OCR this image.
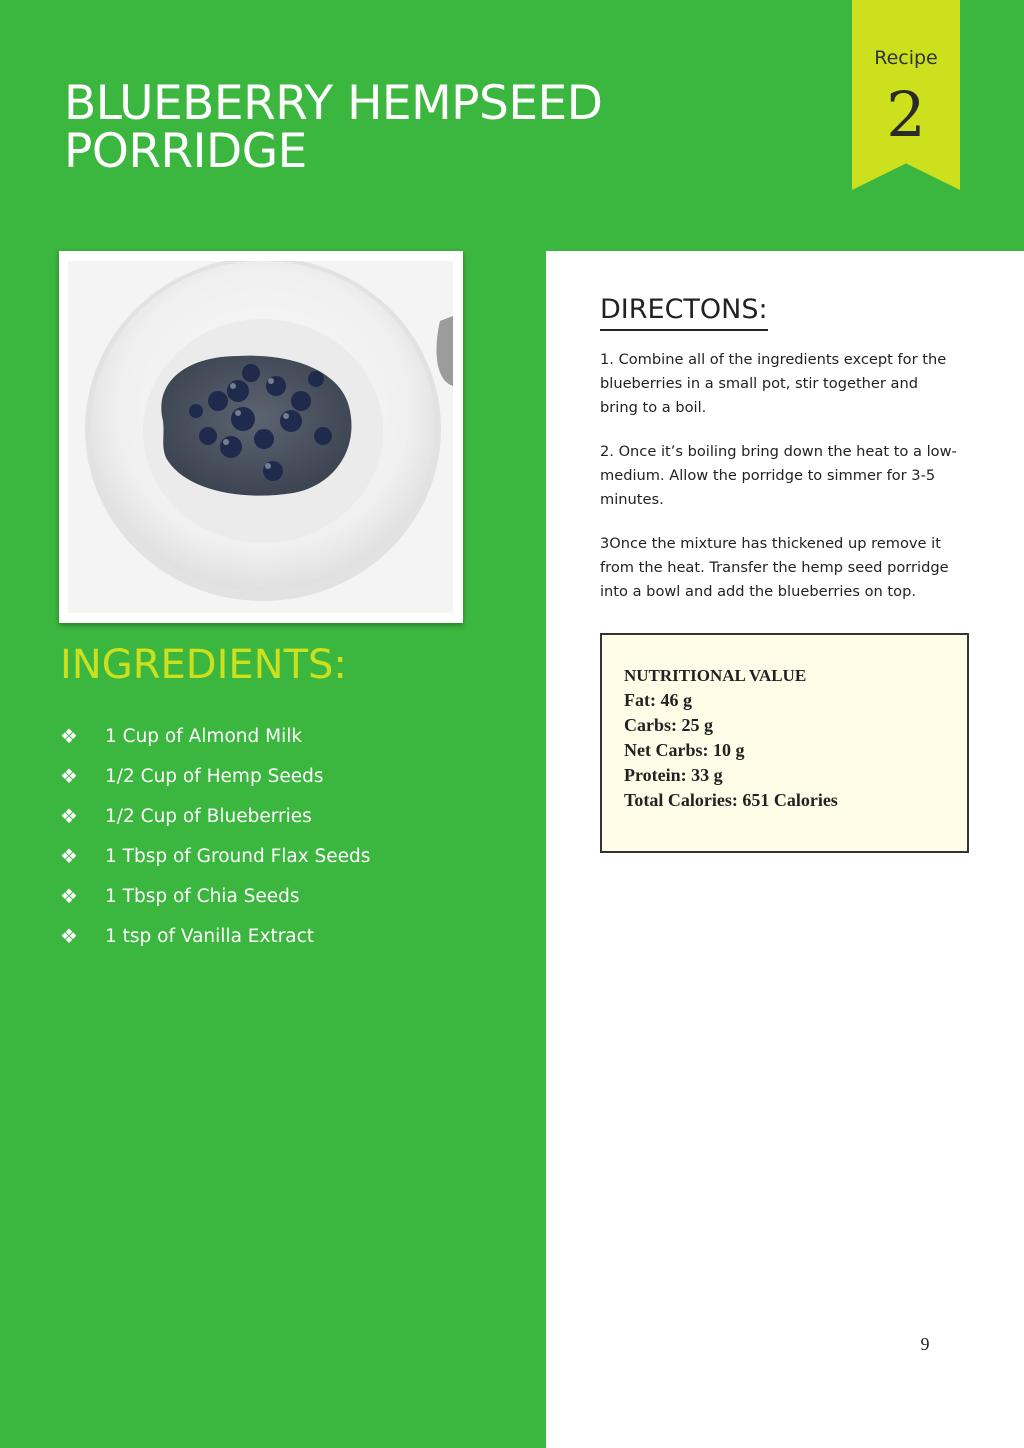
BLUEBERRY HEMPSEED
PORRIDGE
Recipe
2
INGREDIENTS:
❖	1 Cup of Almond Milk
❖	1/2 Cup of Hemp Seeds
❖	1/2 Cup of Blueberries
❖	1 Tbsp of Ground Flax Seeds
❖	1 Tbsp of Chia Seeds
❖	1 tsp of Vanilla Extract
DIRECTONS:

1. Combine all of the ingredients except for the blueberries in a small pot, stir together and bring to a boil.

2. Once it’s boiling bring down the heat to a low-medium. Allow the porridge to simmer for 3-5 minutes.

3Once the mixture has thickened up remove it from the heat. Transfer the hemp seed porridge into a bowl and add the blueberries on top.

NUTRITIONAL VALUE
Fat: 46 g
Carbs: 25 g
Net Carbs: 10 g
Protein: 33 g
Total Calories: 651 Calories
9
